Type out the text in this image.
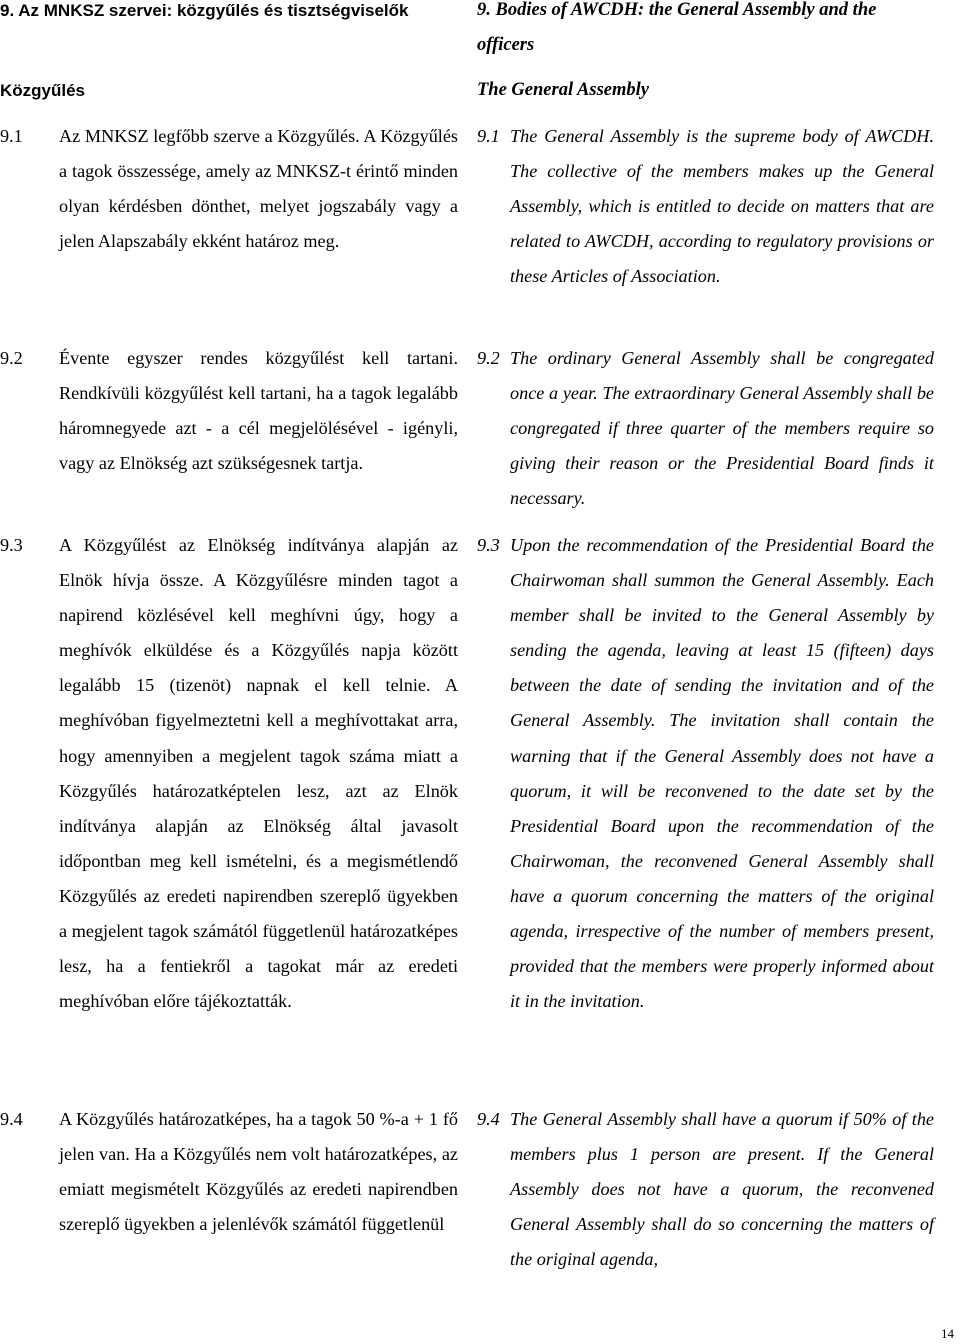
9. Az MNKSZ szervei: közgyűlés és tisztségviselők
Közgyűlés
9.1 Az MNKSZ legfőbb szerve a Közgyűlés. A Közgyűlés a tagok összessége, amely az MNKSZ-t érintő minden olyan kérdésben dönthet, melyet jogszabály vagy a jelen Alapszabály ekként határoz meg.
9.2 Évente egyszer rendes közgyűlést kell tartani. Rendkívüli közgyűlést kell tartani, ha a tagok legalább háromnegyede azt - a cél megjelölésével - igényli, vagy az Elnökség azt szükségesnek tartja.
9.3 A Közgyűlést az Elnökség indítványa alapján az Elnök hívja össze. A Közgyűlésre minden tagot a napirend közlésével kell meghívni úgy, hogy a meghívók elküldése és a Közgyűlés napja között legalább 15 (tizenöt) napnak el kell telnie. A meghívóban figyelmeztetni kell a meghívottakat arra, hogy amennyiben a megjelent tagok száma miatt a Közgyűlés határozatképtelen lesz, azt az Elnök indítványa alapján az Elnökség által javasolt időpontban meg kell ismételni, és a megismétlendő Közgyűlés az eredeti napirendben szereplő ügyekben a megjelent tagok számától függetlenül határozatképes lesz, ha a fentiekről a tagokat már az eredeti meghívóban előre tájékoztatták.
9.4 A Közgyűlés határozatképes, ha a tagok 50 %-a + 1 fő jelen van. Ha a Közgyűlés nem volt határozatképes, az emiatt megismételt Közgyűlés az eredeti napirendben szereplő ügyekben a jelenlévők számától függetlenül
9. Bodies of AWCDH: the General Assembly and the officers
The General Assembly
9.1 The General Assembly is the supreme body of AWCDH. The collective of the members makes up the General Assembly, which is entitled to decide on matters that are related to AWCDH, according to regulatory provisions or these Articles of Association.
9.2 The ordinary General Assembly shall be congregated once a year. The extraordinary General Assembly shall be congregated if three quarter of the members require so giving their reason or the Presidential Board finds it necessary.
9.3 Upon the recommendation of the Presidential Board the Chairwoman shall summon the General Assembly. Each member shall be invited to the General Assembly by sending the agenda, leaving at least 15 (fifteen) days between the date of sending the invitation and of the General Assembly. The invitation shall contain the warning that if the General Assembly does not have a quorum, it will be reconvened to the date set by the Presidential Board upon the recommendation of the Chairwoman, the reconvened General Assembly shall have a quorum concerning the matters of the original agenda, irrespective of the number of members present, provided that the members were properly informed about it in the invitation.
9.4 The General Assembly shall have a quorum if 50% of the members plus 1 person are present. If the General Assembly does not have a quorum, the reconvened General Assembly shall do so concerning the matters of the original agenda,
14
